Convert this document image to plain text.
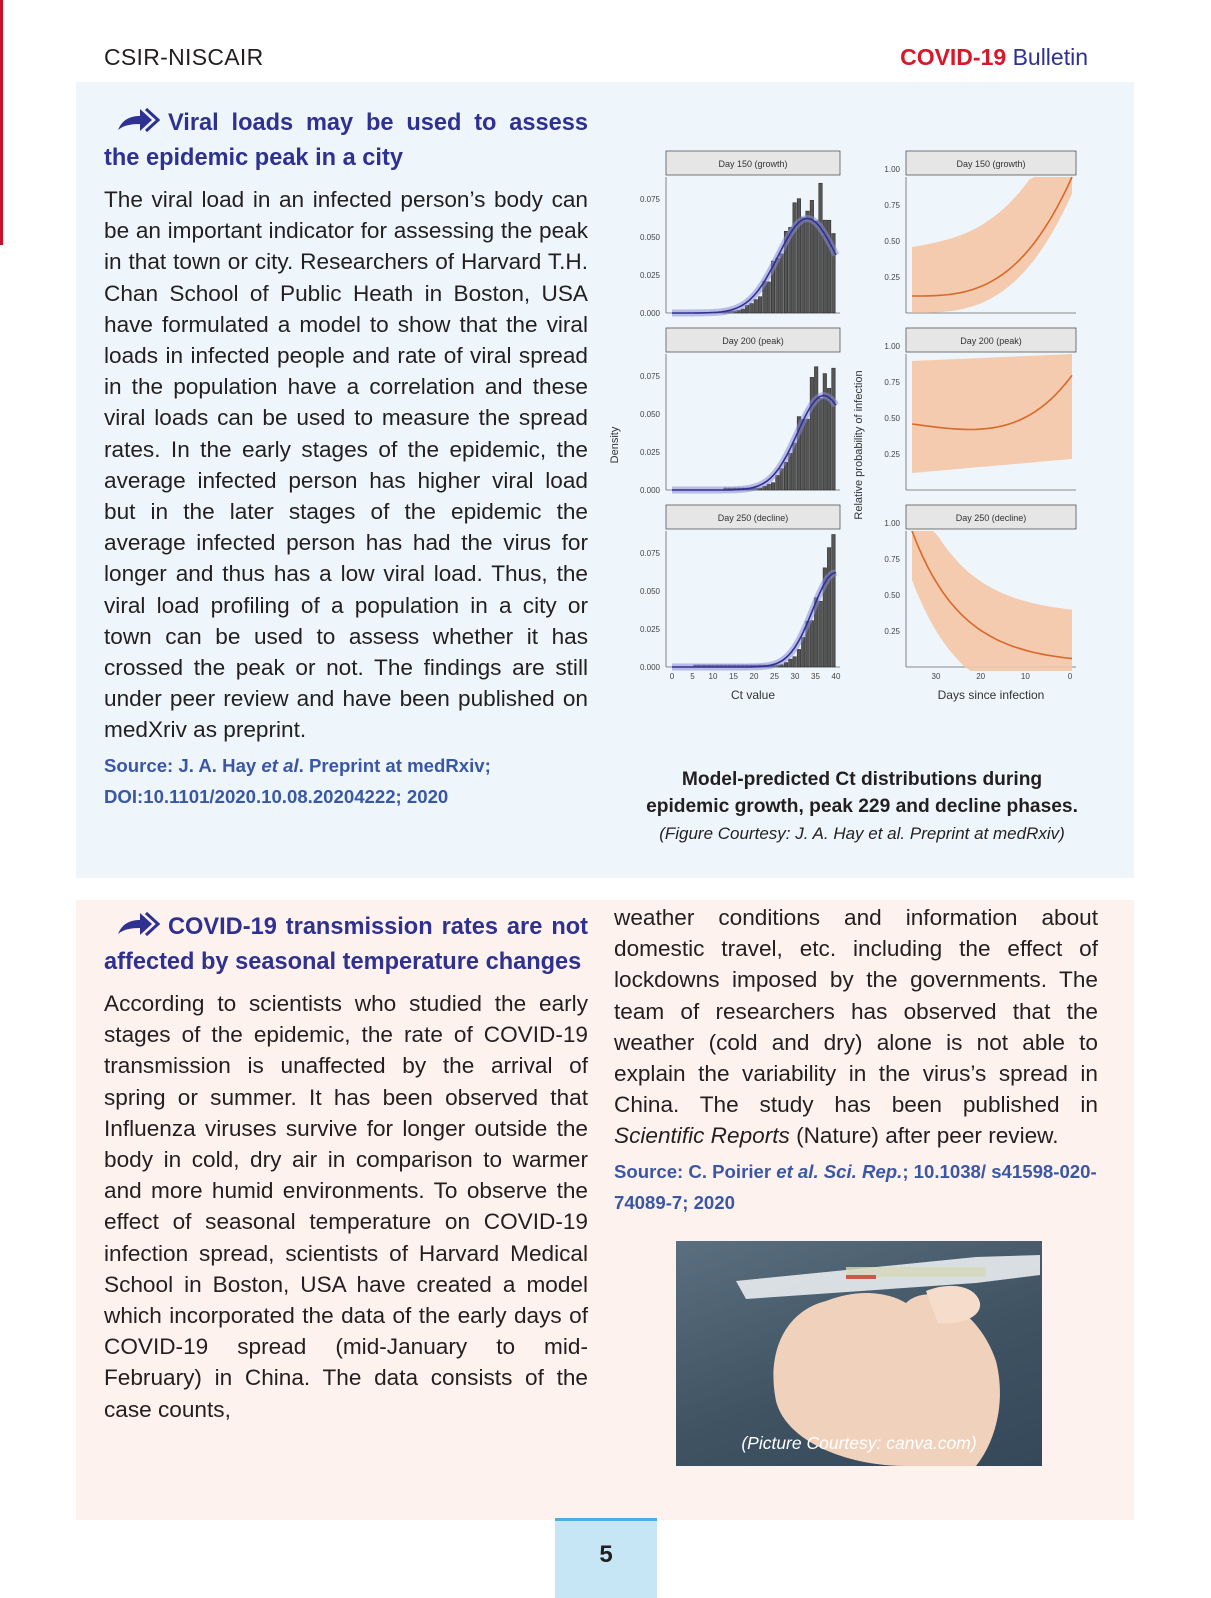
CSIR-NISCAIR	COVID-19 Bulletin
Viral loads may be used to assess the epidemic peak in a city

The viral load in an infected person’s body can be an important indicator for assessing the peak in that town or city. Researchers of Harvard T.H. Chan School of Public Heath in Boston, USA have formulated a model to show that the viral loads in infected people and rate of viral spread in the population have a correlation and these viral loads can be used to measure the spread rates. In the early stages of the epidemic, the average infected person has higher viral load but in the later stages of the epidemic the average infected person has had the virus for longer and thus has a low viral load. Thus, the viral load profiling of a population in a city or town can be used to assess whether it has crossed the peak or not. The findings are still under peer review and have been published on medXriv as preprint.

Source: J. A. Hay et al. Preprint at medRxiv; DOI:10.1101/2020.10.08.20204222; 2020
Day 150 (growth)	Day 150 (growth)
0.000
0.025
0.050
0.075
0.25
0.50
0.75
1.00
Day 200 (peak)	Day 200 (peak)
0.000
0.025
0.050
0.075
0.25
0.50
0.75
1.00
Day 250 (decline)	Day 250 (decline)
0.000
0.025
0.050
0.075
0.25
0.50
0.75
1.00
0 5 10 15 20 25 30 35 40	30	20	10	0
Ct value	Days since infection
Density	Relative probability of infection
Model-predicted Ct distributions during
epidemic growth, peak 229 and decline phases.
(Figure Courtesy: J. A. Hay et al. Preprint at medRxiv)
COVID-19 transmission rates are not affected by seasonal temperature changes

According to scientists who studied the early stages of the epidemic, the rate of COVID-19 transmission is unaffected by the arrival of spring or summer. It has been observed that Influenza viruses survive for longer outside the body in cold, dry air in comparison to warmer and more humid environments. To observe the effect of seasonal temperature on COVID-19 infection spread, scientists of Harvard Medical School in Boston, USA have created a model which incorporated the data of the early days of COVID-19 spread (mid-January to mid-February) in China. The data consists of the case counts,

weather conditions and information about domestic travel, etc. including the effect of lockdowns imposed by the governments. The team of researchers has observed that the weather (cold and dry) alone is not able to explain the variability in the virus’s spread in China. The study has been published in Scientific Reports (Nature) after peer review.

Source: C. Poirier et al. Sci. Rep.; 10.1038/ s41598-020-74089-7; 2020
(Picture Courtesy: canva.com)
5
